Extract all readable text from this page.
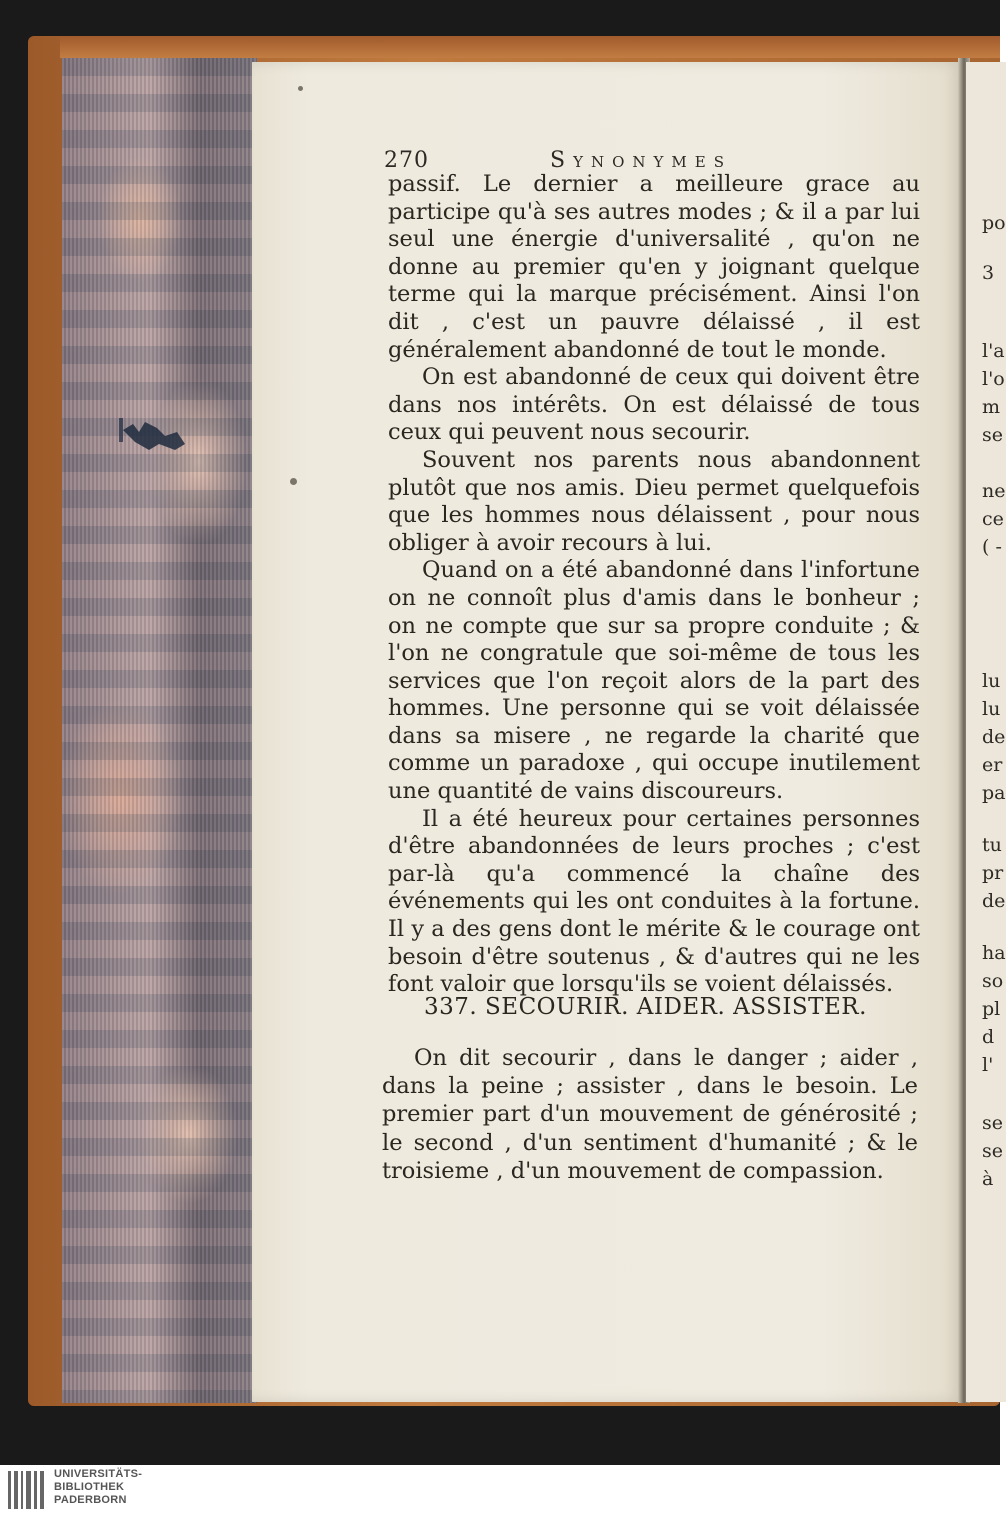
po
3
l'a
l'o
m
se
ne
ce
( -
lu
lu
de
er
pa
tu
pr
de
ha
so
pl
d
l'
se
se
à
270	Synonymes

passif. Le dernier a meilleure grace au participe qu'à ses autres modes ; & il a par lui seul une énergie d'universalité , qu'on ne donne au premier qu'en y joignant quelque terme qui la marque précisément. Ainsi l'on dit , c'est un pauvre délaissé , il est généralement abandonné de tout le monde.

On est abandonné de ceux qui doivent être dans nos intérêts. On est délaissé de tous ceux qui peuvent nous secourir.

Souvent nos parents nous abandonnent plutôt que nos amis. Dieu permet quelquefois que les hommes nous délaissent , pour nous obliger à avoir recours à lui.

Quand on a été abandonné dans l'infortune on ne connoît plus d'amis dans le bonheur ; on ne compte que sur sa propre conduite ; & l'on ne congratule que soi-même de tous les services que l'on reçoit alors de la part des hommes. Une personne qui se voit délaissée dans sa misere , ne regarde la charité que comme un paradoxe , qui occupe inutilement une quantité de vains discoureurs.

Il a été heureux pour certaines personnes d'être abandonnées de leurs proches ; c'est par-là qu'a commencé la chaîne des événements qui les ont conduites à la fortune. Il y a des gens dont le mérite & le courage ont besoin d'être soutenus , & d'autres qui ne les font valoir que lorsqu'ils se voient délaissés.

337. SECOURIR. AIDER. ASSISTER.

On dit secourir , dans le danger ; aider , dans la peine ; assister , dans le besoin. Le premier part d'un mouvement de générosité ; le second , d'un sentiment d'humanité ; & le troisieme , d'un mouvement de compassion.

UNIVERSITÄTS-
BIBLIOTHEK
PADERBORN
